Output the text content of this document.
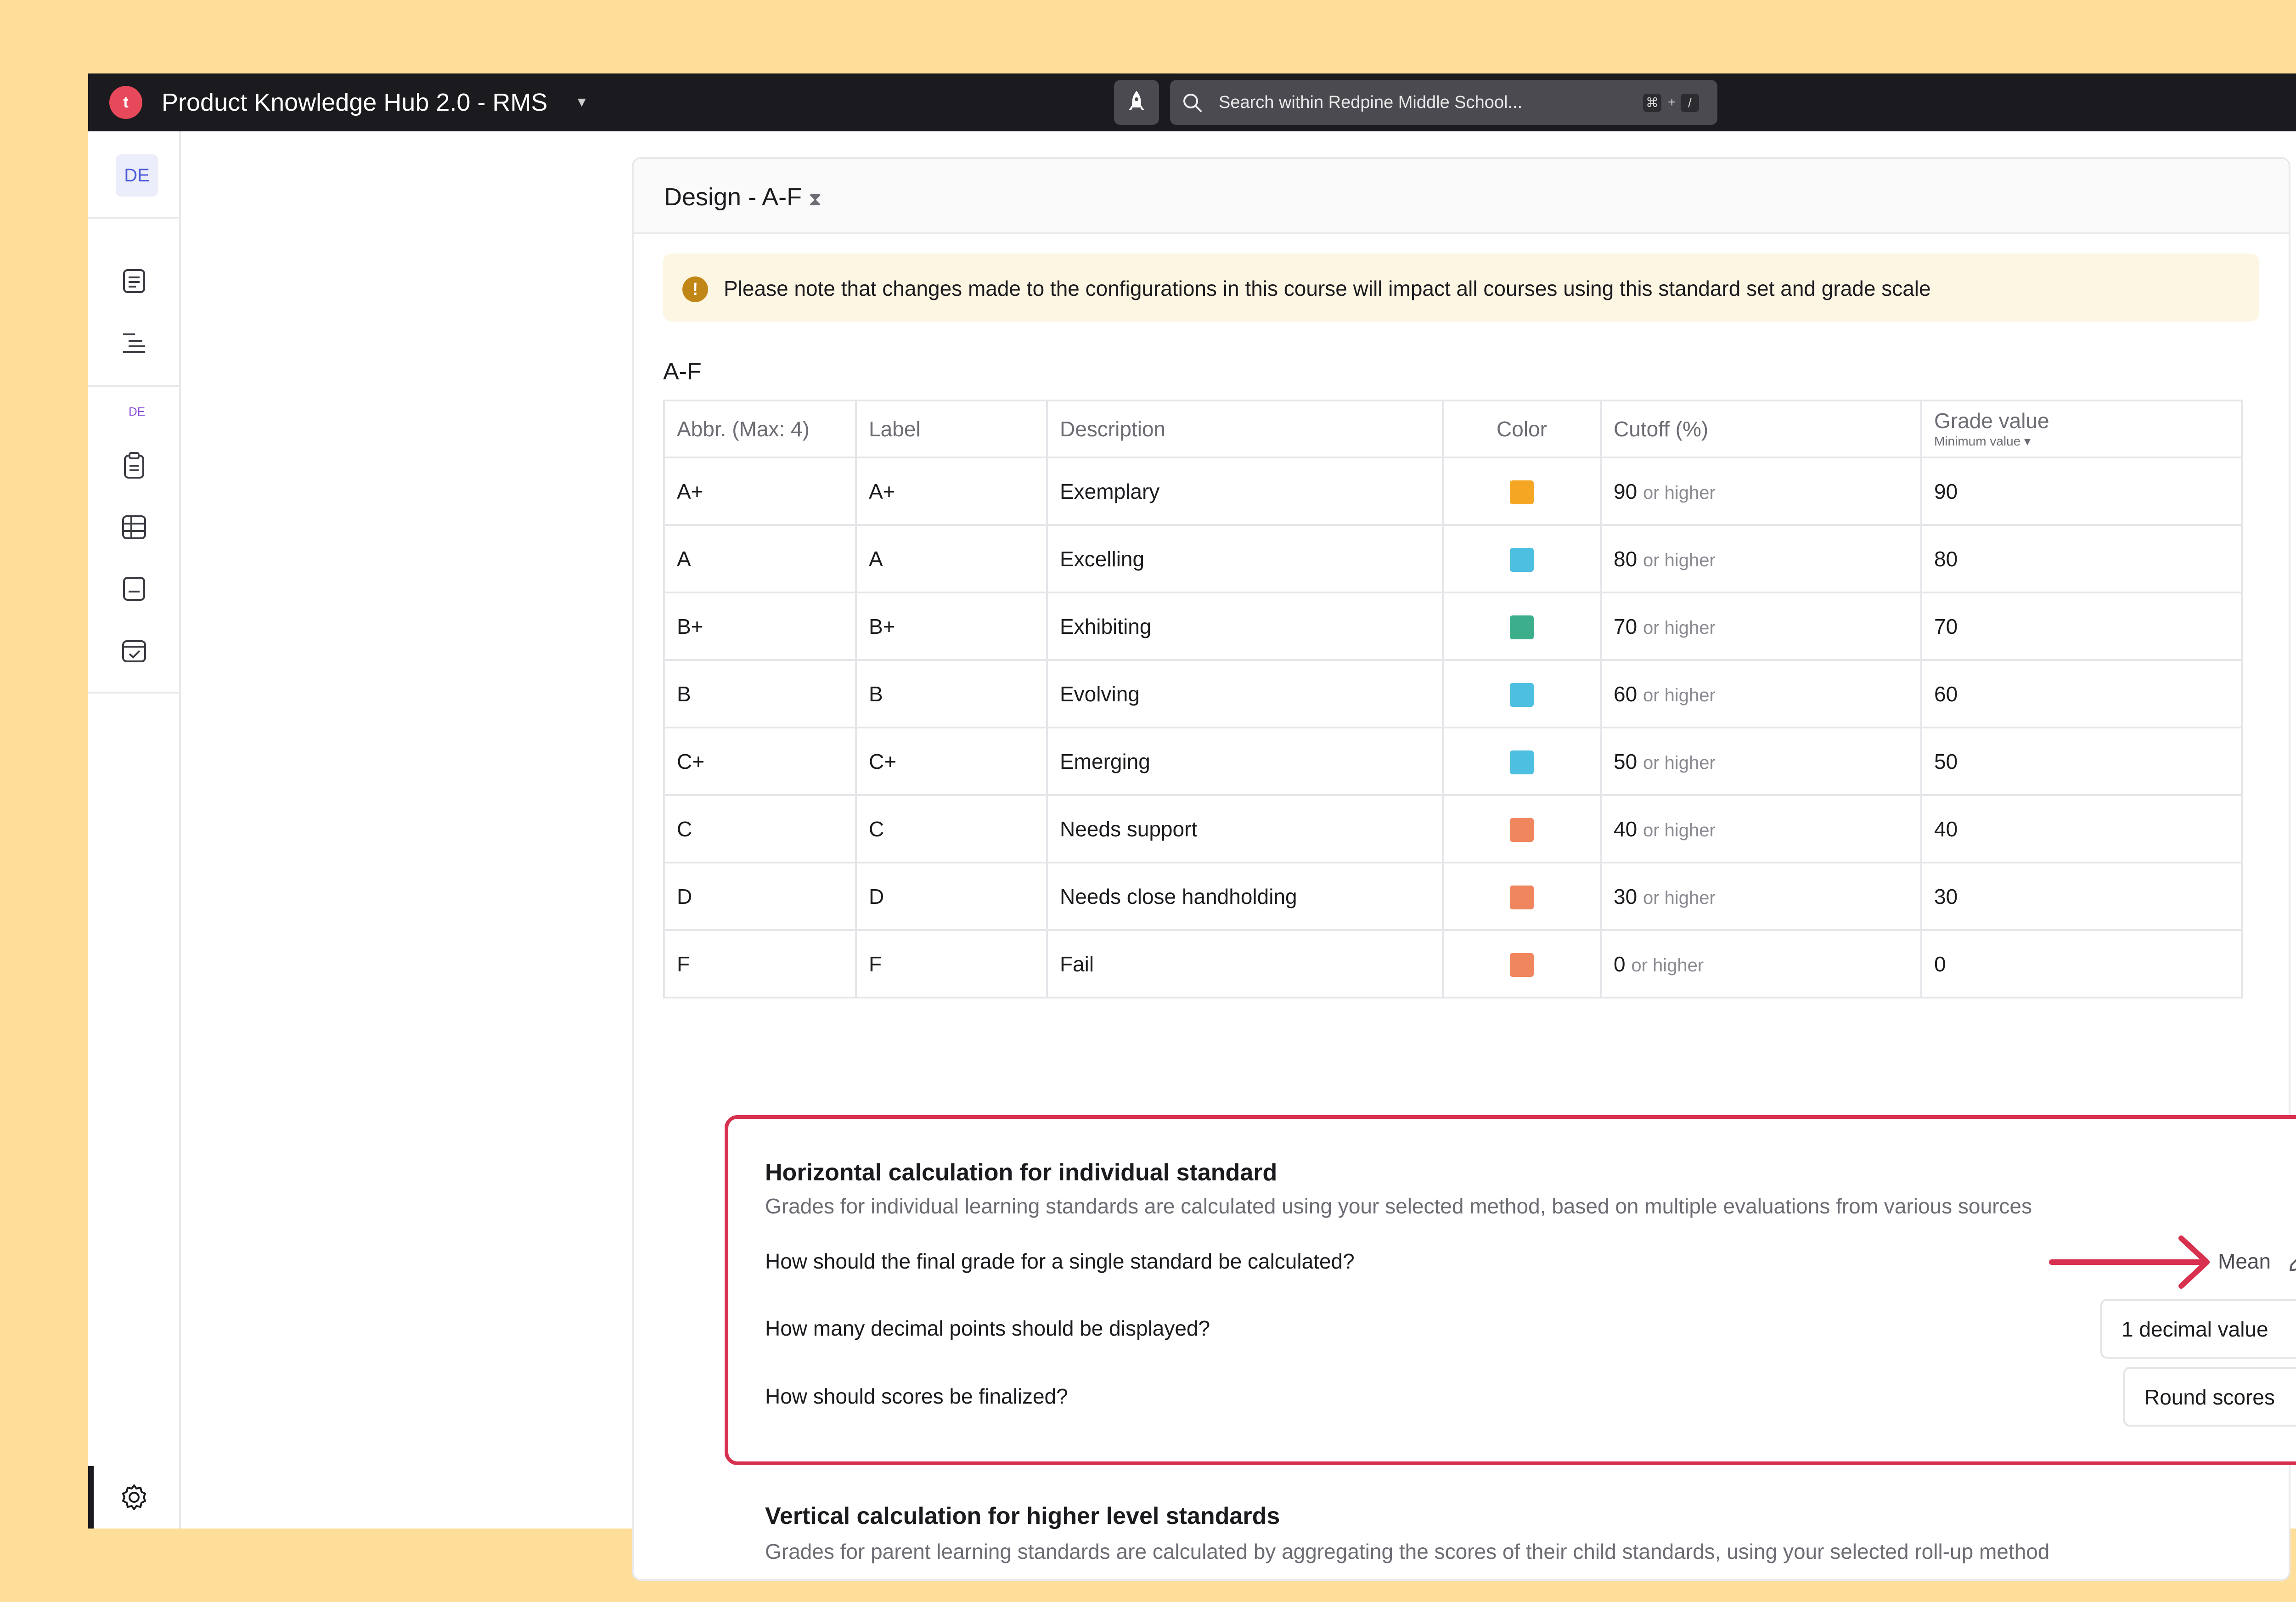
t	Product Knowledge Hub 2.0 - RMS ▼	Search within Redpine Middle School...	⌘ + /
DE
DE
Design - A-F ⧗
!	Please note that changes made to the configurations in this course will impact all courses using this standard set and grade scale
A-F
Abbr. (Max: 4)	Label	Description	Color	Cutoff (%)	Grade value
Minimum value ▾

A+	A+	Exemplary		90 or higher	90
A	A	Excelling		80 or higher	80
B+	B+	Exhibiting		70 or higher	70
B	B	Evolving		60 or higher	60
C+	C+	Emerging		50 or higher	50
C	C	Needs support		40 or higher	40
D	D	Needs close handholding		30 or higher	30
F	F	Fail		0 or higher	0
Horizontal calculation for individual standard
Grades for individual learning standards are calculated using your selected method, based on multiple evaluations from various sources
How should the final grade for a single standard be calculated?	Mean
How many decimal points should be displayed?	1 decimal value
How should scores be finalized?	Round scores
Vertical calculation for higher level standards
Grades for parent learning standards are calculated by aggregating the scores of their child standards, using your selected roll-up method
